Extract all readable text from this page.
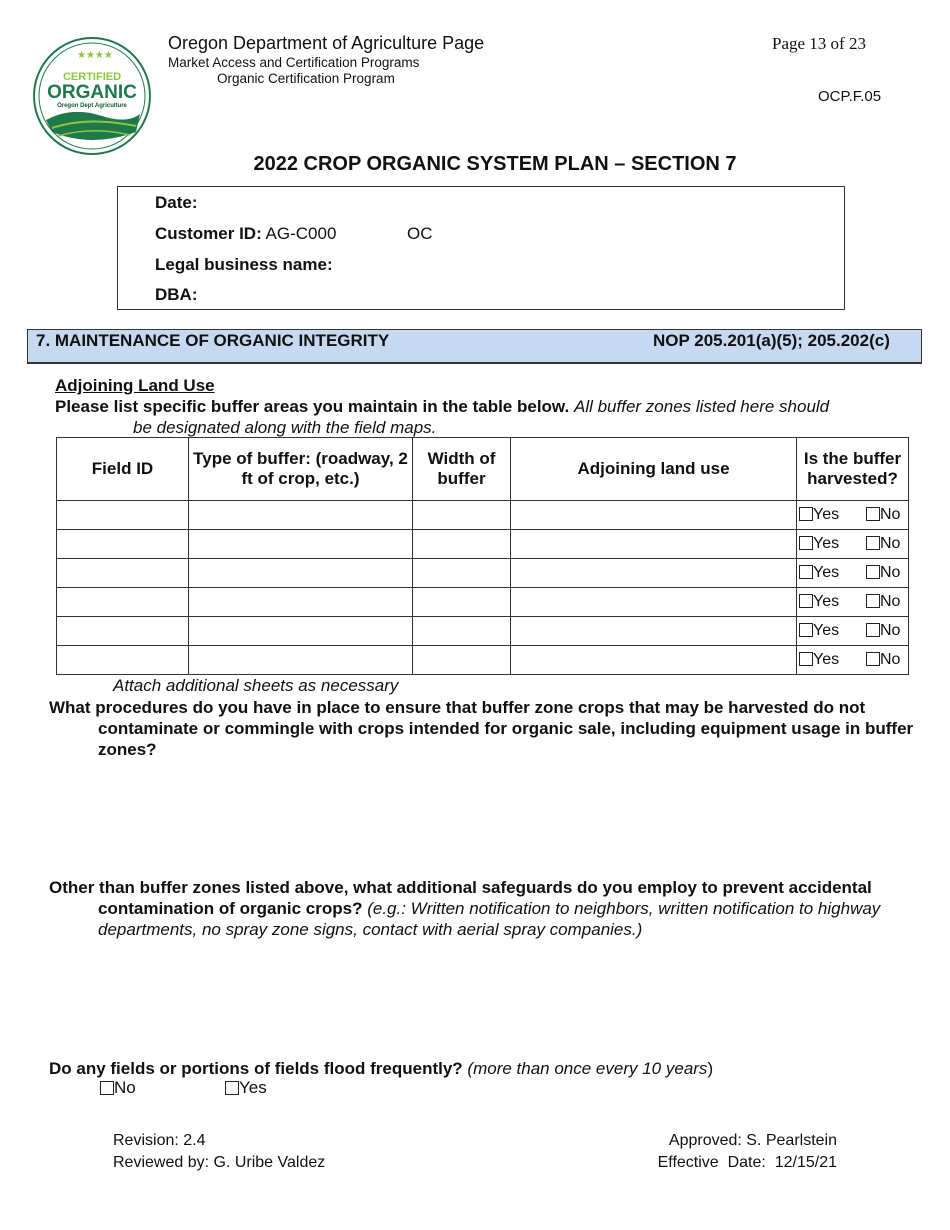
★★★★
CERTIFIED
ORGANIC
Oregon Dept Agriculture
Oregon Department of Agriculture Page
Market Access and Certification Programs
Organic Certification Program
Page 13 of 23
OCP.F.05
2022 CROP ORGANIC SYSTEM PLAN – SECTION 7
Date:
Customer ID: AG-C000	OC
Legal business name:
DBA:
7. MAINTENANCE OF ORGANIC INTEGRITY	NOP 205.201(a)(5); 205.202(c)
Adjoining Land Use
Please list specific buffer areas you maintain in the table below. All buffer zones listed here should
be designated along with the field maps.
Field ID	Type of buffer: (roadway, 2 ft of crop, etc.)	Width of buffer	Adjoining land use	Is the buffer harvested?

				Yes No

				Yes No

				Yes No

				Yes No

				Yes No

				Yes No
Attach additional sheets as necessary
What procedures do you have in place to ensure that buffer zone crops that may be harvested do not contaminate or commingle with crops intended for organic sale, including equipment usage in buffer zones?
Other than buffer zones listed above, what additional safeguards do you employ to prevent accidental contamination of organic crops? (e.g.: Written notification to neighbors, written notification to highway departments, no spray zone signs, contact with aerial spray companies.)
Do any fields or portions of fields flood frequently? (more than once every 10 years)
No	Yes
Revision: 2.4
Reviewed by: G. Uribe Valdez
Approved: S. Pearlstein
Effective  Date:  12/15/21
